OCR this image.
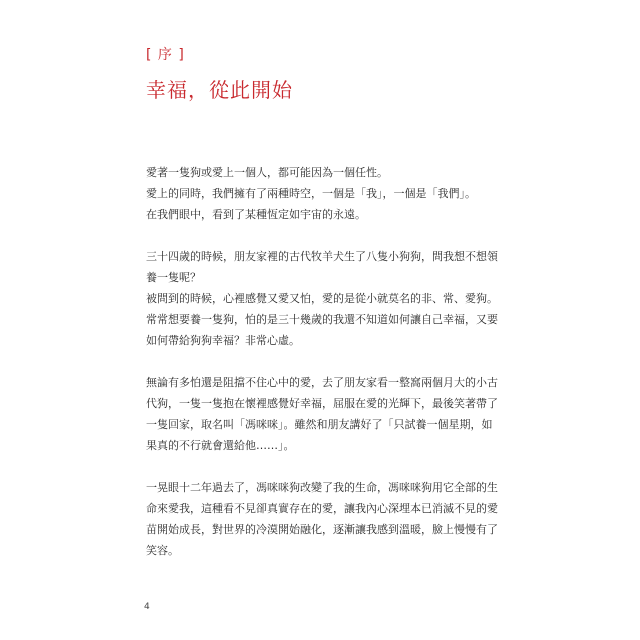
[ 序 ]
幸福，從此開始

愛著一隻狗或愛上一個人，都可能因為一個任性。
愛上的同時，我們擁有了兩種時空，一個是「我」，一個是「我們」。
在我們眼中，看到了某種恆定如宇宙的永遠。

三十四歲的時候，朋友家裡的古代牧羊犬生了八隻小狗狗，問我想不想領
養一隻呢？
被問到的時候，心裡感覺又愛又怕，愛的是從小就莫名的非、常、愛狗。
常常想要養一隻狗，怕的是三十幾歲的我還不知道如何讓自己幸福，又要
如何帶給狗狗幸福？非常心虛。

無論有多怕還是阻擋不住心中的愛，去了朋友家看一整窩兩個月大的小古
代狗，一隻一隻抱在懷裡感覺好幸福，屈服在愛的光輝下，最後笑著帶了
一隻回家，取名叫「馮咪咪」。雖然和朋友講好了「只試養一個星期，如
果真的不行就會還給他……」。

一晃眼十二年過去了，馮咪咪狗改變了我的生命，馮咪咪狗用它全部的生
命來愛我，這種看不見卻真實存在的愛，讓我內心深埋本已消滅不見的愛
苗開始成長，對世界的冷漠開始融化，逐漸讓我感到溫暖，臉上慢慢有了
笑容。

4
